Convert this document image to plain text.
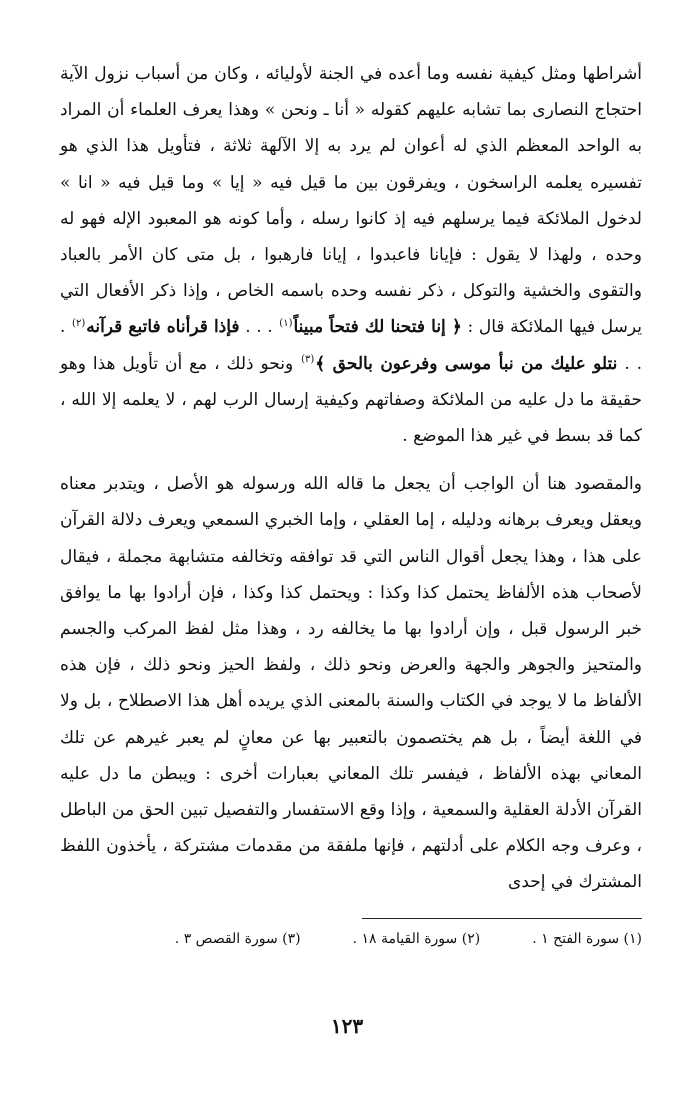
أشراطها ومثل كيفية نفسه وما أعده في الجنة لأوليائه ، وكان من أسباب نزول الآية احتجاج النصارى بما تشابه عليهم كقوله « أنا ـ ونحن » وهذا يعرف العلماء أن المراد به الواحد المعظم الذي له أعوان لم يرد به إلا الآلهة ثلاثة ، فتأويل هذا الذي هو تفسيره يعلمه الراسخون ، ويفرقون بين ما قيل فيه « إيا » وما قيل فيه « انا » لدخول الملائكة فيما يرسلهم فيه إذ كانوا رسله ، وأما كونه هو المعبود الإله فهو له وحده ، ولهذا لا يقول : فإيانا فاعبدوا ، إيانا فارهبوا ، بل متى كان الأمر بالعباد والتقوى والخشية والتوكل ، ذكر نفسه وحده باسمه الخاص ، وإذا ذكر الأفعال التي يرسل فيها الملائكة قال : ﴿ إنا فتحنا لك فتحاً مبيناً$^{(١)}$ . . . فإذا قرأناه فاتبع قرآنه$^{(٢)}$ . . . نتلو عليك من نبأ موسى وفرعون بالحق ﴾$^{(٣)}$ ونحو ذلك ، مع أن تأويل هذا وهو حقيقة ما دل عليه من الملائكة وصفاتهم وكيفية إرسال الرب لهم ، لا يعلمه إلا الله ، كما قد بسط في غير هذا الموضع .

والمقصود هنا أن الواجب أن يجعل ما قاله الله ورسوله هو الأصل ، ويتدبر معناه ويعقل ويعرف برهانه ودليله ، إما العقلي ، وإما الخبري السمعي ويعرف دلالة القرآن على هذا ، وهذا يجعل أقوال الناس التي قد توافقه وتخالفه متشابهة مجملة ، فيقال لأصحاب هذه الألفاظ يحتمل كذا وكذا : ويحتمل كذا وكذا ، فإن أرادوا بها ما يوافق خبر الرسول قبل ، وإن أرادوا بها ما يخالفه رد ، وهذا مثل لفظ المركب والجسم والمتحيز والجوهر والجهة والعرض ونحو ذلك ، ولفظ الحيز ونحو ذلك ، فإن هذه الألفاظ ما لا يوجد في الكتاب والسنة بالمعنى الذي يريده أهل هذا الاصطلاح ، بل ولا في اللغة أيضاً ، بل هم يختصمون بالتعبير بها عن معانٍ لم يعبر غيرهم عن تلك المعاني بهذه الألفاظ ، فيفسر تلك المعاني بعبارات أخرى : ويبطن ما دل عليه القرآن الأدلة العقلية والسمعية ، وإذا وقع الاستفسار والتفصيل تبين الحق من الباطل ، وعرف وجه الكلام على أدلتهم ، فإنها ملفقة من مقدمات مشتركة ، يأخذون اللفظ المشترك في إحدى

(١) سورة الفتح ١ .
(٢) سورة القيامة ١٨ .
(٣) سورة القصص ٣ .
١٢٣
